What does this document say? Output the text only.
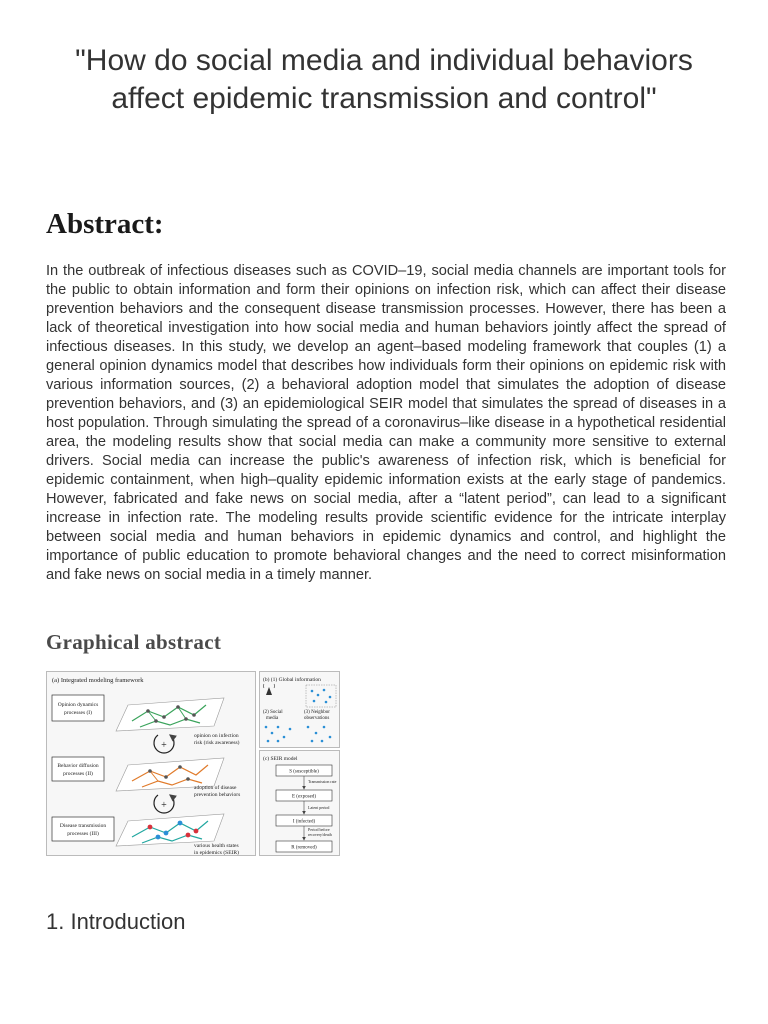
"How do social media and individual behaviors affect epidemic transmission and control"
Abstract:

In the outbreak of infectious diseases such as COVID–19, social media channels are important tools for the public to obtain information and form their opinions on infection risk, which can affect their disease prevention behaviors and the consequent disease transmission processes. However, there has been a lack of theoretical investigation into how social media and human behaviors jointly affect the spread of infectious diseases. In this study, we develop an agent–based modeling framework that couples (1) a general opinion dynamics model that describes how individuals form their opinions on epidemic risk with various information sources, (2) a behavioral adoption model that simulates the adoption of disease prevention behaviors, and (3) an epidemiological SEIR model that simulates the spread of diseases in a host population. Through simulating the spread of a coronavirus–like disease in a hypothetical residential area, the modeling results show that social media can make a community more sensitive to external drivers. Social media can increase the public's awareness of infection risk, which is beneficial for epidemic containment, when high–quality epidemic information exists at the early stage of pandemics. However, fabricated and fake news on social media, after a “latent period”, can lead to a significant increase in infection rate. The modeling results provide scientific evidence for the intricate interplay between social media and human behaviors in epidemic dynamics and control, and highlight the importance of public education to promote behavioral changes and the need to correct misinformation and fake news on social media in a timely manner.

Graphical abstract
(a) Integrated modeling framework
Opinion dynamics
processes (I)
+
opinion on infection
risk (risk awareness)
Behavior diffusion
processes (II)
+
adoption of disease
prevention behaviors
Disease transmission
processes (III)
various health states
in epidemics (SEIR)
(b) (1) Global information
(2) Social
media
(3) Neighbor
observations
(c) SEIR model
S (susceptible)
Transmission rate
E (exposed)
Latent period
I (infected)
Period before
recovery/death
R (removed)
1. Introduction
